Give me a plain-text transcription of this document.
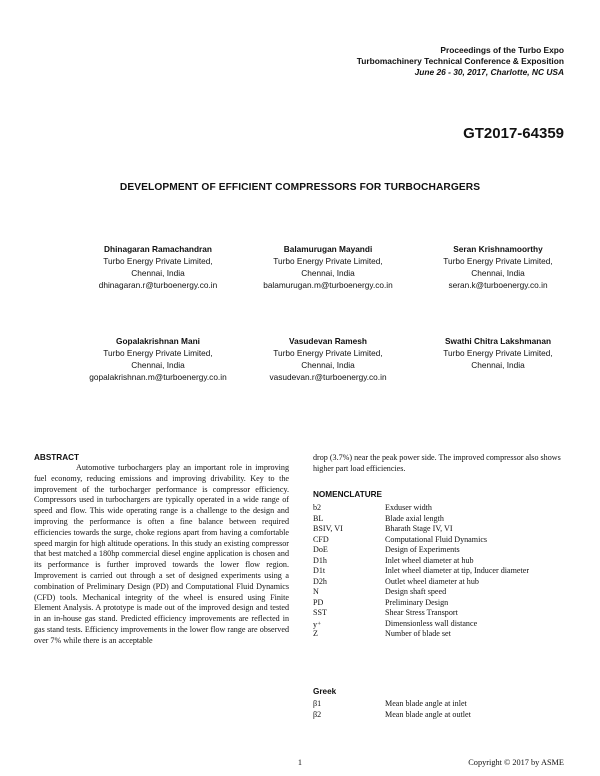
Proceedings of the Turbo Expo
Turbomachinery Technical Conference & Exposition
June 26 - 30, 2017, Charlotte, NC USA
GT2017-64359
DEVELOPMENT OF EFFICIENT COMPRESSORS FOR TURBOCHARGERS
Dhinagaran Ramachandran
Turbo Energy Private Limited,
Chennai, India
dhinagaran.r@turboenergy.co.in
Balamurugan Mayandi
Turbo Energy Private Limited,
Chennai, India
balamurugan.m@turboenergy.co.in
Seran Krishnamoorthy
Turbo Energy Private Limited,
Chennai, India
seran.k@turboenergy.co.in
Gopalakrishnan Mani
Turbo Energy Private Limited,
Chennai, India
gopalakrishnan.m@turboenergy.co.in
Vasudevan Ramesh
Turbo Energy Private Limited,
Chennai, India
vasudevan.r@turboenergy.co.in
Swathi Chitra Lakshmanan
Turbo Energy Private Limited,
Chennai, India
ABSTRACT

Automotive turbochargers play an important role in improving fuel economy, reducing emissions and improving drivability. Key to the improvement of the turbocharger performance is compressor efficiency. Compressors used in turbochargers are typically operated in a wide range of speed and flow. This wide operating range is a challenge to the design and improving the performance is often a fine balance between required efficiencies towards the surge, choke regions apart from having a comfortable speed margin for high altitude operations. In this study an existing compressor that best matched a 180hp commercial diesel engine application is chosen and its performance is further improved towards the lower flow region. Improvement is carried out through a set of designed experiments using a combination of Preliminary Design (PD) and Computational Fluid Dynamics (CFD) tools. Mechanical integrity of the wheel is ensured using Finite Element Analysis. A prototype is made out of the improved design and tested in an in-house gas stand. Predicted efficiency improvements are reflected in gas stand tests. Efficiency improvements in the lower flow range are observed over 7% while there is an acceptable

drop (3.7%) near the peak power side. The improved compressor also shows higher part load efficiencies.

NOMENCLATURE
b2	Exduser width
BL	Blade axial length
BSIV, VI	Bharath Stage IV, VI
CFD	Computational Fluid Dynamics
DoE	Design of Experiments
D1h	Inlet wheel diameter at hub
D1t	Inlet wheel diameter at tip, Inducer diameter
D2h	Outlet wheel diameter at hub
N	Design shaft speed
PD	Preliminary Design
SST	Shear Stress Transport
y⁺	Dimensionless wall distance
Z	Number of blade set
Greek
β1	Mean blade angle at inlet
β2	Mean blade angle at outlet
1	Copyright © 2017 by ASME
